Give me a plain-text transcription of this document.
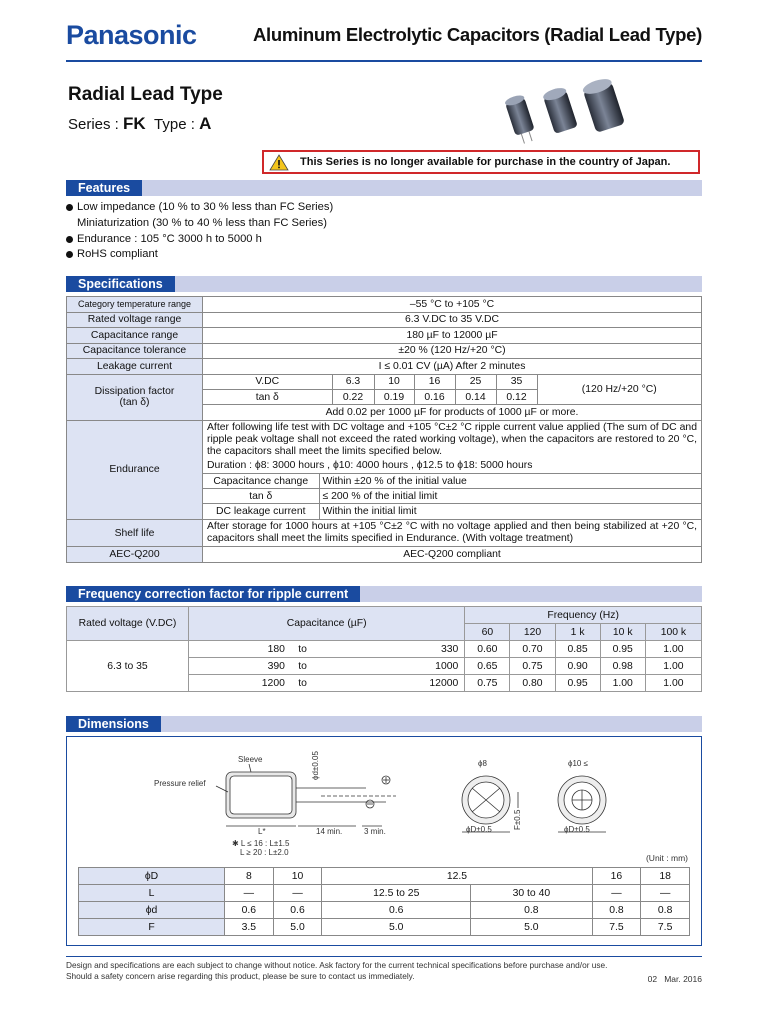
Panasonic	Aluminum Electrolytic Capacitors (Radial Lead Type)
Radial Lead Type
Series : FK Type : A
This Series is no longer available for purchase in the country of Japan.
Features
Low impedance (10 % to 30 % less than FC Series)
Miniaturization (30 % to 40 % less than FC Series)
Endurance : 105 °C 3000 h to 5000 h
RoHS compliant
Specifications
Category temperature range	–55 °C to +105 °C
Rated voltage range	6.3 V.DC to 35 V.DC
Capacitance range	180 µF to 12000 µF
Capacitance tolerance	±20 % (120 Hz/+20 °C)
Leakage current	I ≤ 0.01 CV (µA) After 2 minutes

Dissipation factor
(tan δ)

V.DC	6.3	10	16	25	35	(120 Hz/+20 °C)
tan δ	0.22	0.19	0.16	0.14	0.12
Add 0.02 per 1000 µF for products of 1000 µF or more.

Endurance	
After following life test with DC voltage and +105 °C±2 °C ripple current value applied (The sum of DC and ripple peak voltage shall not exceed the rated working voltage), when the capacitors are restored to 20 °C, the capacitors shall meet the limits specified below.
Duration : ϕ8: 3000 hours , ϕ10: 4000 hours , ϕ12.5 to ϕ18: 5000 hours
Capacitance change	Within ±20 % of the initial value
tan δ	≤ 200 % of the initial limit
DC leakage current	Within the initial limit

Shelf life	After storage for 1000 hours at +105 °C±2 °C with no voltage applied and then being stabilized at +20 °C, capacitors shall meet the limits specified in Endurance. (With voltage treatment)
AEC-Q200	AEC-Q200 compliant
Frequency correction factor for ripple current
Rated voltage (V.DC)	Capacitance (µF)			Frequency (Hz)				
				60	120	1 k	10 k	100 k
6.3 to 35	180	to	330	0.60	0.70	0.85	0.95	1.00
	390	to	1000	0.65	0.75	0.90	0.98	1.00
	1200	to	12000	0.75	0.80	0.95	1.00	1.00
Dimensions
Sleeve
Pressure relief
ϕd±0.05
L*	14 min.	3 min.
✱ L ≤ 16 : L±1.5
L ≥ 20 : L±2.0
ϕ8	ϕ10 ≤
F±0.5
ϕD±0.5	ϕD±0.5
(Unit : mm)
ϕD	8	10	12.5		16	18
L	—	—	12.5 to 25	30 to 40	—	—
ϕd	0.6	0.6	0.6	0.8	0.8	0.8
F	3.5	5.0	5.0	5.0	7.5	7.5
Design and specifications are each subject to change without notice. Ask factory for the current technical specifications before purchase and/or use.
Should a safety concern arise regarding this product, please be sure to contact us immediately.	02 Mar. 2016
